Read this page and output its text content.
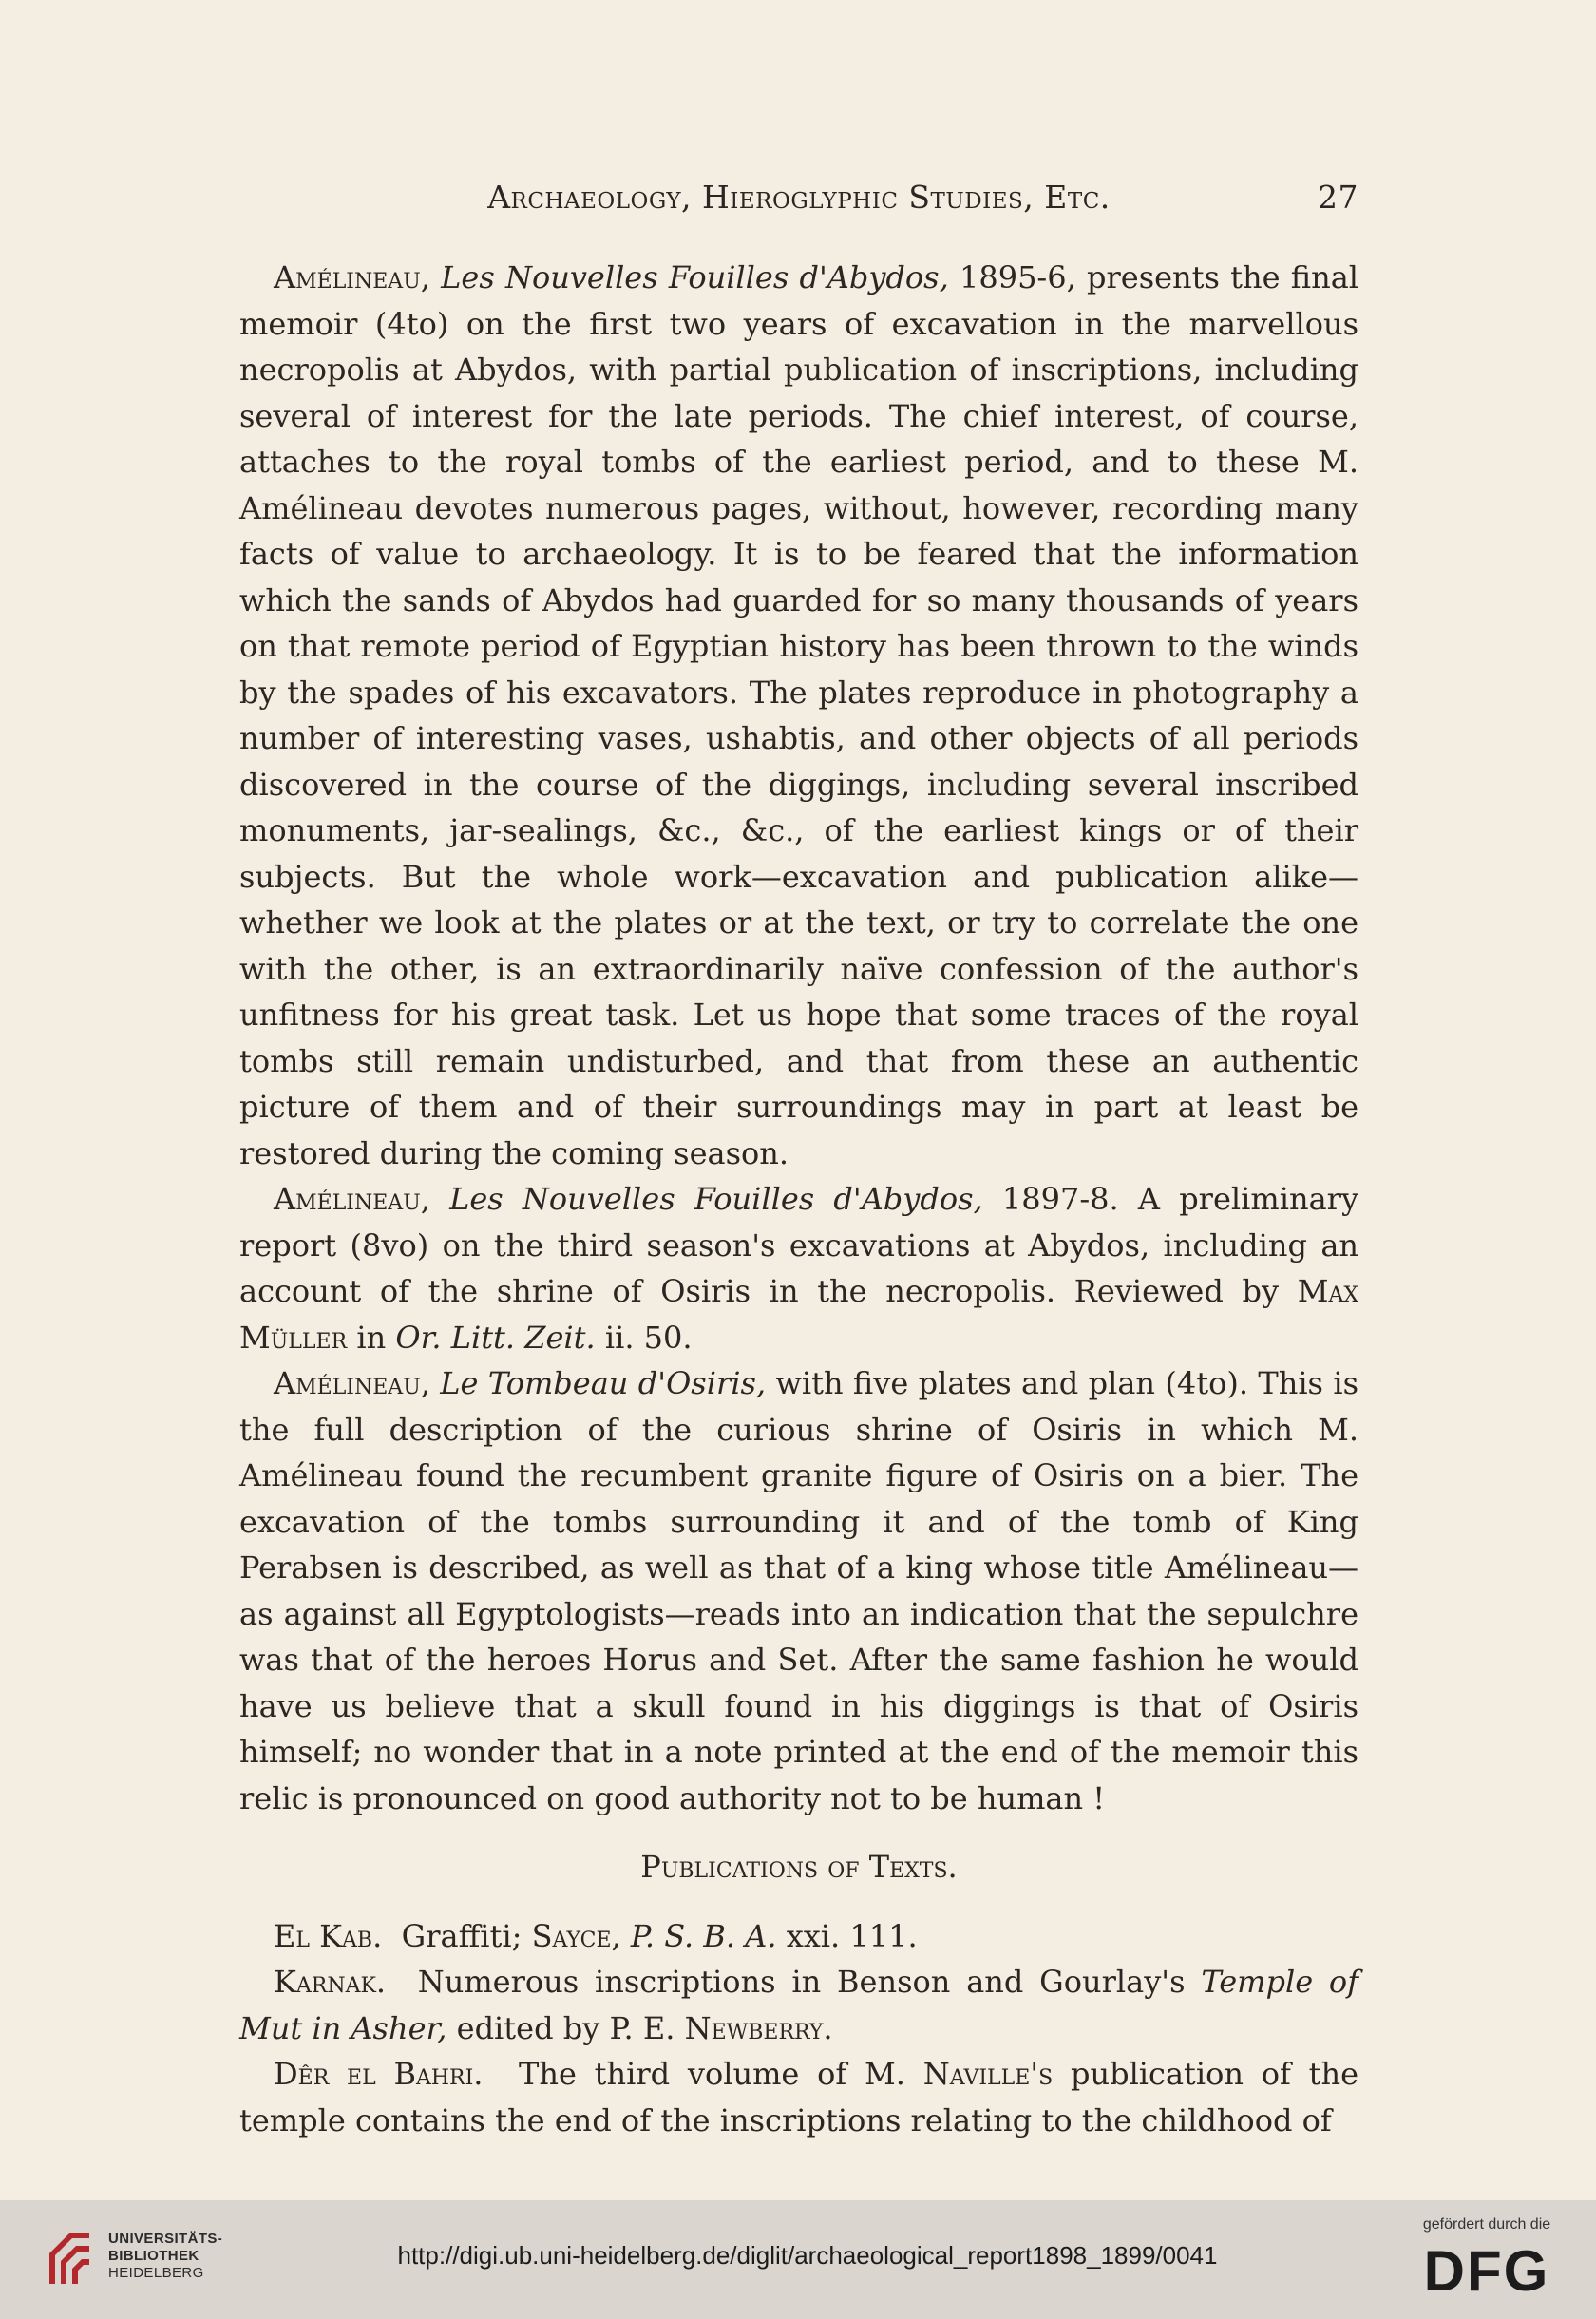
Archaeology, Hieroglyphic Studies, Etc.	27

Amélineau, Les Nouvelles Fouilles d'Abydos, 1895-6, presents the final memoir (4to) on the first two years of excavation in the marvellous necropolis at Abydos, with partial publication of inscriptions, including several of interest for the late periods. The chief interest, of course, attaches to the royal tombs of the earliest period, and to these M. Amélineau devotes numerous pages, without, however, recording many facts of value to archaeology. It is to be feared that the information which the sands of Abydos had guarded for so many thousands of years on that remote period of Egyptian history has been thrown to the winds by the spades of his excavators. The plates reproduce in photography a number of interesting vases, ushabtis, and other objects of all periods discovered in the course of the diggings, including several inscribed monuments, jar-sealings, &c., &c., of the earliest kings or of their subjects. But the whole work—excavation and publication alike—whether we look at the plates or at the text, or try to correlate the one with the other, is an extraordinarily naïve confession of the author's unfitness for his great task. Let us hope that some traces of the royal tombs still remain undisturbed, and that from these an authentic picture of them and of their surroundings may in part at least be restored during the coming season.

Amélineau, Les Nouvelles Fouilles d'Abydos, 1897-8. A preliminary report (8vo) on the third season's excavations at Abydos, including an account of the shrine of Osiris in the necropolis. Reviewed by Max Müller in Or. Litt. Zeit. ii. 50.

Amélineau, Le Tombeau d'Osiris, with five plates and plan (4to). This is the full description of the curious shrine of Osiris in which M. Amélineau found the recumbent granite figure of Osiris on a bier. The excavation of the tombs surrounding it and of the tomb of King Perabsen is described, as well as that of a king whose title Amélineau—as against all Egyptologists—reads into an indication that the sepulchre was that of the heroes Horus and Set. After the same fashion he would have us believe that a skull found in his diggings is that of Osiris himself; no wonder that in a note printed at the end of the memoir this relic is pronounced on good authority not to be human !

Publications of Texts.

El Kab. Graffiti; Sayce, P. S. B. A. xxi. 111.

Karnak. Numerous inscriptions in Benson and Gourlay's Temple of Mut in Asher, edited by P. E. Newberry.

Dêr el Bahri. The third volume of M. Naville's publication of the temple contains the end of the inscriptions relating to the childhood of

UNIVERSITÄTS-
BIBLIOTHEK
HEIDELBERG
http://digi.ub.uni-heidelberg.de/diglit/archaeological_report1898_1899/0041
gefördert durch die
DFG
